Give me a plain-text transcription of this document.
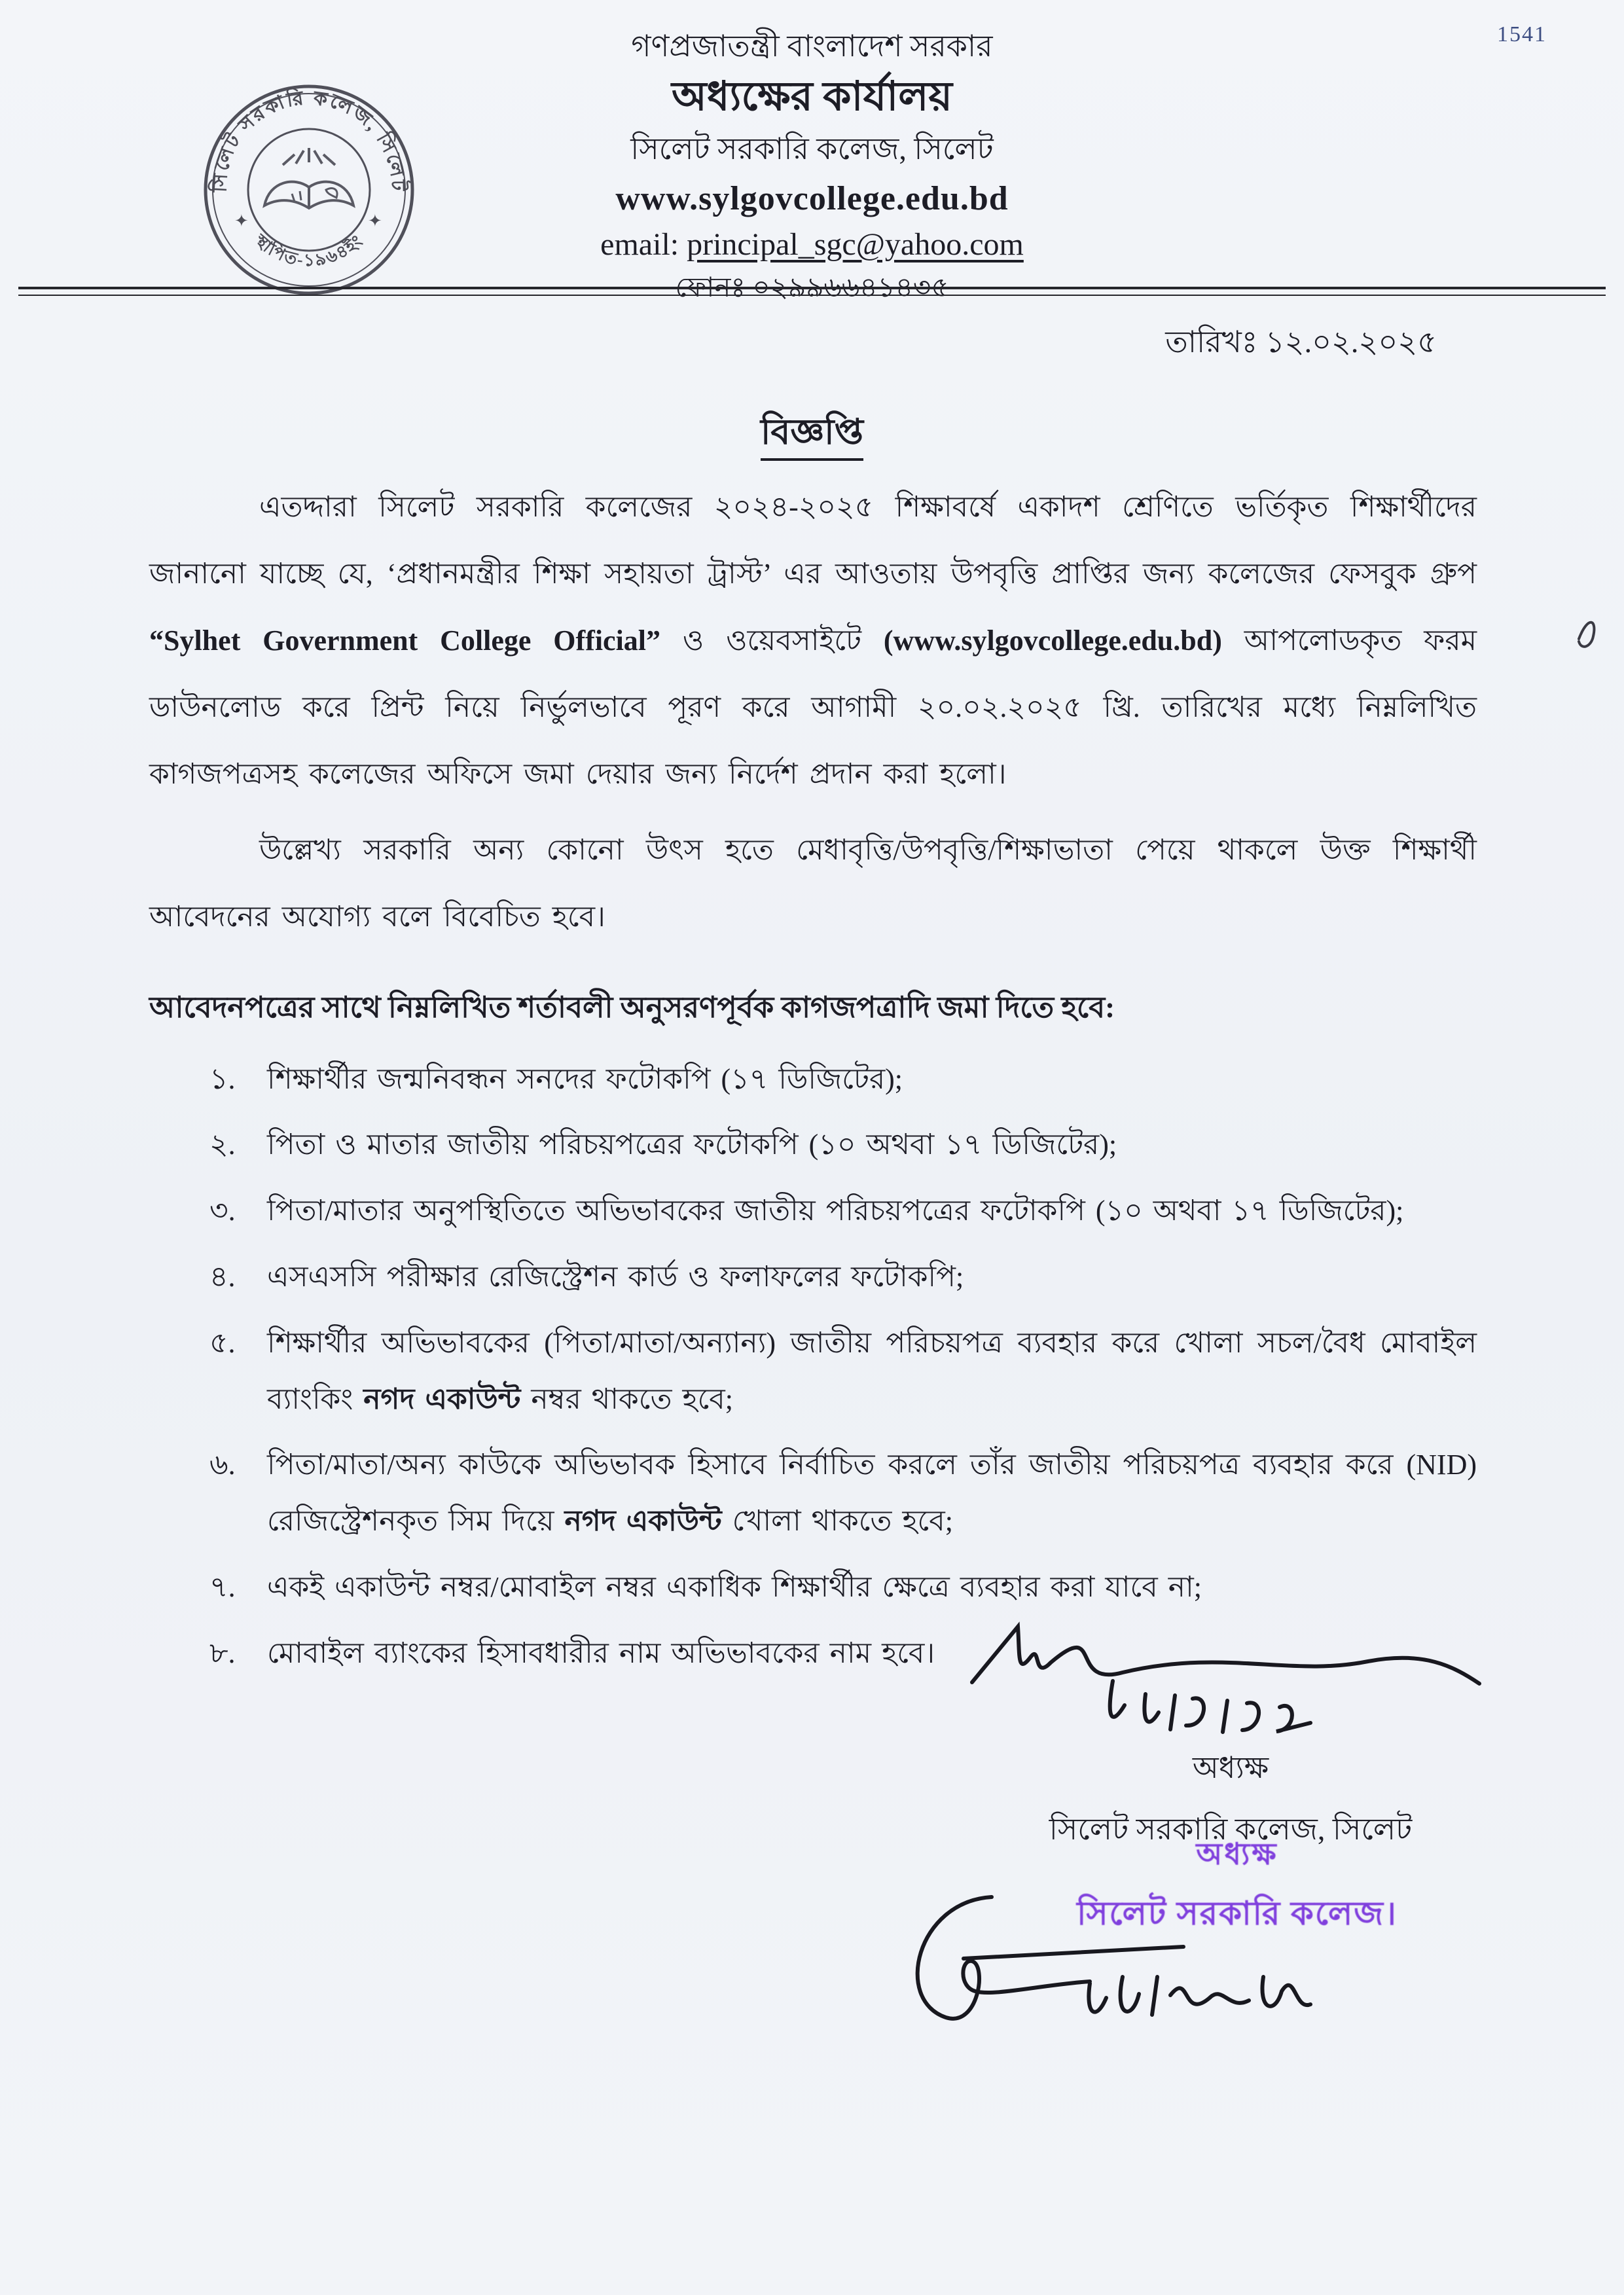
1541
সিলেট সরকারি কলেজ, সিলেট
স্থাপিত-১৯৬৪ইং
✦	✦
গণপ্রজাতন্ত্রী বাংলাদেশ সরকার
অধ্যক্ষের কার্যালয়
সিলেট সরকারি কলেজ, সিলেট
www.sylgovcollege.edu.bd
email: principal_sgc@yahoo.com
ফোনঃ ০২৯৯৬৬৪১৪৩৫
তারিখঃ ১২.০২.২০২৫
বিজ্ঞপ্তি

এতদ্দারা সিলেট সরকারি কলেজের ২০২৪-২০২৫ শিক্ষাবর্ষে একাদশ শ্রেণিতে ভর্তিকৃত শিক্ষার্থীদের জানানো যাচ্ছে যে, ‘প্রধানমন্ত্রীর শিক্ষা সহায়তা ট্রাস্ট’ এর আওতায় উপবৃত্তি প্রাপ্তির জন্য কলেজের ফেসবুক গ্রুপ “Sylhet Government College Official” ও ওয়েবসাইটে (www.sylgovcollege.edu.bd) আপলোডকৃত ফরম ডাউনলোড করে প্রিন্ট নিয়ে নির্ভুলভাবে পূরণ করে আগামী ২০.০২.২০২৫ খ্রি. তারিখের মধ্যে নিম্নলিখিত কাগজপত্রসহ কলেজের অফিসে জমা দেয়ার জন্য নির্দেশ প্রদান করা হলো।

উল্লেখ্য সরকারি অন্য কোনো উৎস হতে মেধাবৃত্তি/উপবৃত্তি/শিক্ষাভাতা পেয়ে থাকলে উক্ত শিক্ষার্থী আবেদনের অযোগ্য বলে বিবেচিত হবে।

আবেদনপত্রের সাথে নিম্নলিখিত শর্তাবলী অনুসরণপূর্বক কাগজপত্রাদি জমা দিতে হবে:

১.	শিক্ষার্থীর জন্মনিবন্ধন সনদের ফটোকপি (১৭ ডিজিটের);
২.	পিতা ও মাতার জাতীয় পরিচয়পত্রের ফটোকপি (১০ অথবা ১৭ ডিজিটের);
৩.	পিতা/মাতার অনুপস্থিতিতে অভিভাবকের জাতীয় পরিচয়পত্রের ফটোকপি (১০ অথবা ১৭ ডিজিটের);
৪.	এসএসসি পরীক্ষার রেজিস্ট্রেশন কার্ড ও ফলাফলের ফটোকপি;
৫.	শিক্ষার্থীর অভিভাবকের (পিতা/মাতা/অন্যান্য) জাতীয় পরিচয়পত্র ব্যবহার করে খোলা সচল/বৈধ মোবাইল ব্যাংকিং নগদ একাউন্ট নম্বর থাকতে হবে;
৬.	পিতা/মাতা/অন্য কাউকে অভিভাবক হিসাবে নির্বাচিত করলে তাঁর জাতীয় পরিচয়পত্র ব্যবহার করে (NID) রেজিস্ট্রেশনকৃত সিম দিয়ে নগদ একাউন্ট খোলা থাকতে হবে;
৭.	একই একাউন্ট নম্বর/মোবাইল নম্বর একাধিক শিক্ষার্থীর ক্ষেত্রে ব্যবহার করা যাবে না;
৮.	মোবাইল ব্যাংকের হিসাবধারীর নাম অভিভাবকের নাম হবে।
অধ্যক্ষ
সিলেট সরকারি কলেজ, সিলেট
অধ্যক্ষ
সিলেট সরকারি কলেজ।
